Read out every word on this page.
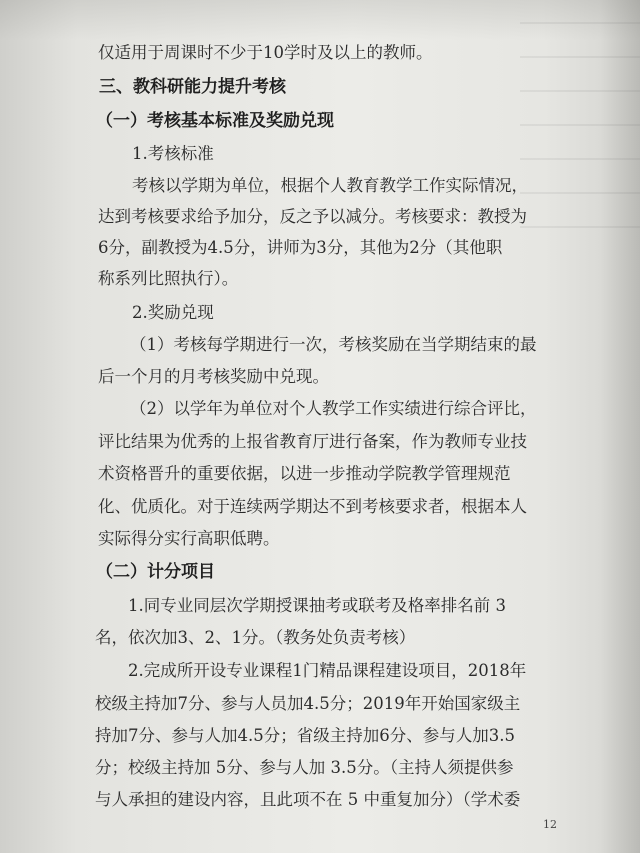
仅适用于周课时不少于10学时及以上的教师。
三、教科研能力提升考核
（一）考核基本标准及奖励兑现
1.考核标准
考核以学期为单位，根据个人教育教学工作实际情况，
达到考核要求给予加分，反之予以减分。考核要求：教授为
6分，副教授为4.5分，讲师为3分，其他为2分（其他职
称系列比照执行）。
2.奖励兑现
（1）考核每学期进行一次，考核奖励在当学期结束的最
后一个月的月考核奖励中兑现。
（2）以学年为单位对个人教学工作实绩进行综合评比，
评比结果为优秀的上报省教育厅进行备案，作为教师专业技
术资格晋升的重要依据，以进一步推动学院教学管理规范
化、优质化。对于连续两学期达不到考核要求者，根据本人
实际得分实行高职低聘。
（二）计分项目
1.同专业同层次学期授课抽考或联考及格率排名前 3
名，依次加3、2、1分。（教务处负责考核）
2.完成所开设专业课程1门精品课程建设项目，2018年
校级主持加7分、参与人员加4.5分；2019年开始国家级主
持加7分、参与人加4.5分；省级主持加6分、参与人加3.5
分；校级主持加 5分、参与人加 3.5分。（主持人须提供参
与人承担的建设内容，且此项不在 5 中重复加分）（学术委
12
